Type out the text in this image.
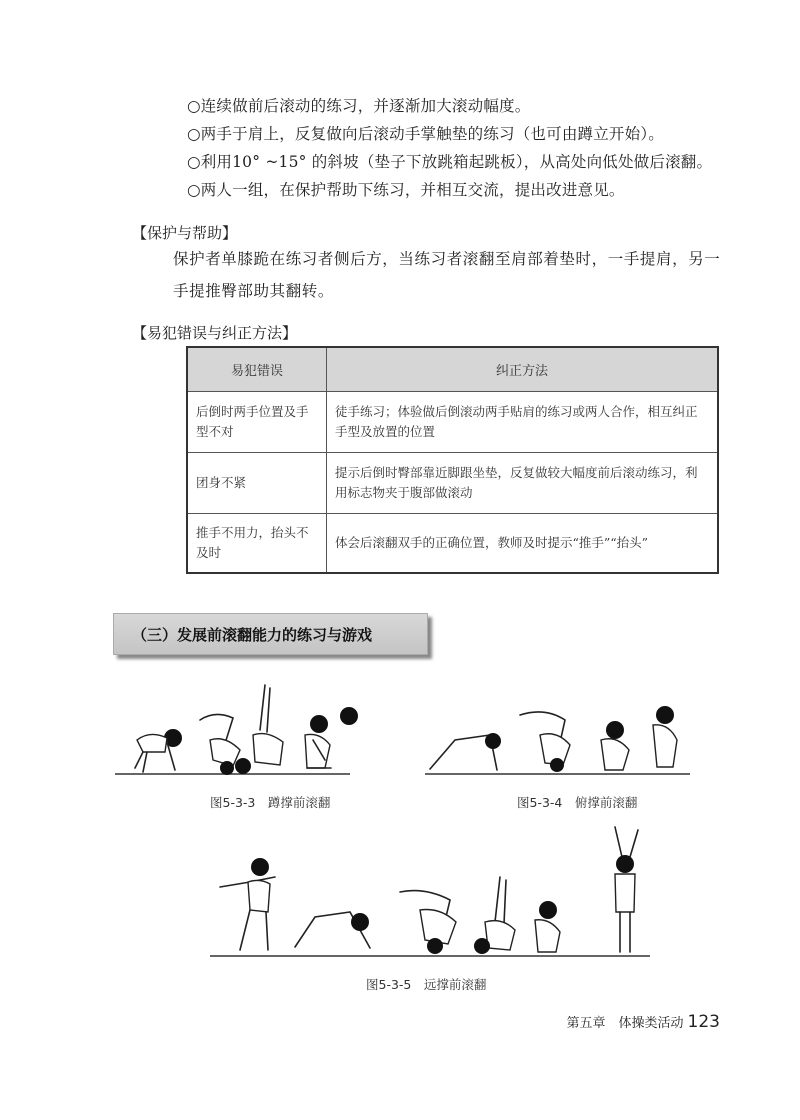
○连续做前后滚动的练习，并逐渐加大滚动幅度。
○两手于肩上，反复做向后滚动手掌触垫的练习（也可由蹲立开始）。
○利用10° ~15° 的斜坡（垫子下放跳箱起跳板），从高处向低处做后滚翻。
○两人一组，在保护帮助下练习，并相互交流，提出改进意见。
【保护与帮助】
保护者单膝跪在练习者侧后方，当练习者滚翻至肩部着垫时，一手提肩，另一手提推臀部助其翻转。
【易犯错误与纠正方法】
易犯错误	纠正方法
后倒时两手位置及手型不对	徒手练习；体验做后倒滚动两手贴肩的练习或两人合作，相互纠正手型及放置的位置
团身不紧	提示后倒时臀部靠近脚跟坐垫，反复做较大幅度前后滚动练习，利用标志物夹于腹部做滚动
推手不用力，抬头不及时	体会后滚翻双手的正确位置，教师及时提示“推手”“抬头”
（三）发展前滚翻能力的练习与游戏
图5-3-3　蹲撑前滚翻	图5-3-4　俯撑前滚翻
图5-3-5　远撑前滚翻
第五章　体操类活动 123
